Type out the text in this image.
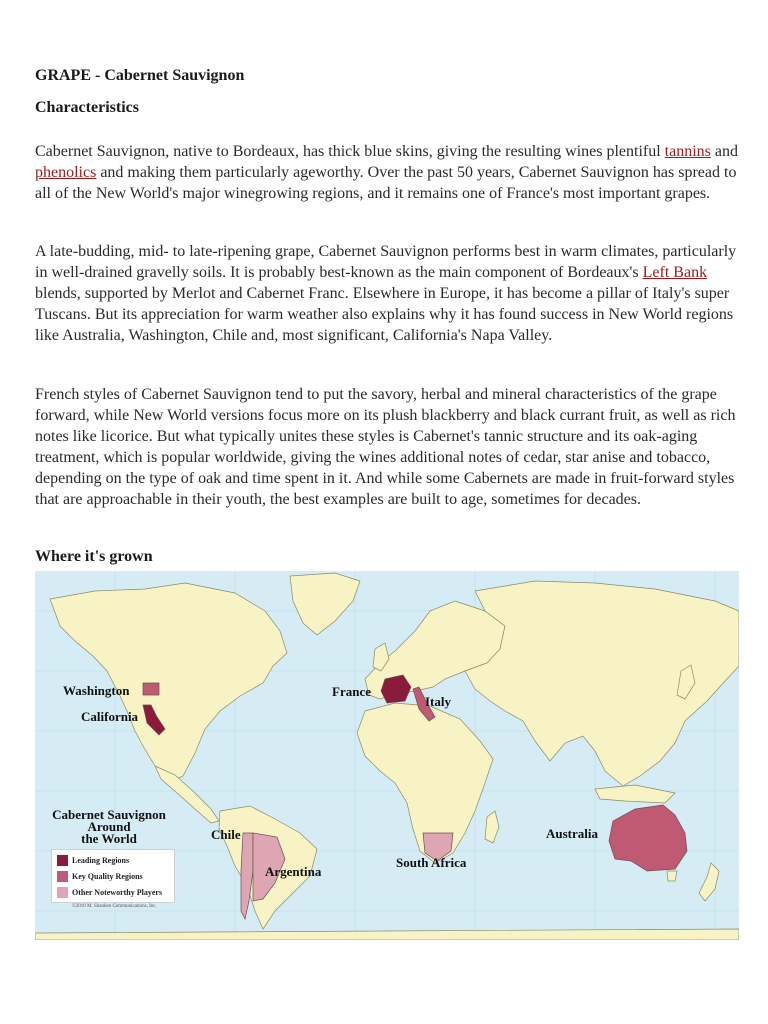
GRAPE - Cabernet Sauvignon
Characteristics

Cabernet Sauvignon, native to Bordeaux, has thick blue skins, giving the resulting wines plentiful tannins and phenolics and making them particularly ageworthy. Over the past 50 years, Cabernet Sauvignon has spread to all of the New World's major winegrowing regions, and it remains one of France's most important grapes.

A late-budding, mid- to late-ripening grape, Cabernet Sauvignon performs best in warm climates, particularly in well-drained gravelly soils. It is probably best-known as the main component of Bordeaux's Left Bank blends, supported by Merlot and Cabernet Franc. Elsewhere in Europe, it has become a pillar of Italy's super Tuscans. But its appreciation for warm weather also explains why it has found success in New World regions like Australia, Washington, Chile and, most significant, California's Napa Valley.

French styles of Cabernet Sauvignon tend to put the savory, herbal and mineral characteristics of the grape forward, while New World versions focus more on its plush blackberry and black currant fruit, as well as rich notes like licorice. But what typically unites these styles is Cabernet's tannic structure and its oak-aging treatment, which is popular worldwide, giving the wines additional notes of cedar, star anise and tobacco, depending on the type of oak and time spent in it. And while some Cabernets are made in fruit-forward styles that are approachable in their youth, the best examples are built to age, sometimes for decades.

Where it's grown
Washington
California
France
Italy
Chile
Argentina
South Africa
Australia
Cabernet Sauvignon
Around
the World
Leading Regions
Key Quality Regions
Other Noteworthy Players
©2010 M. Shanken Communications, Inc.
